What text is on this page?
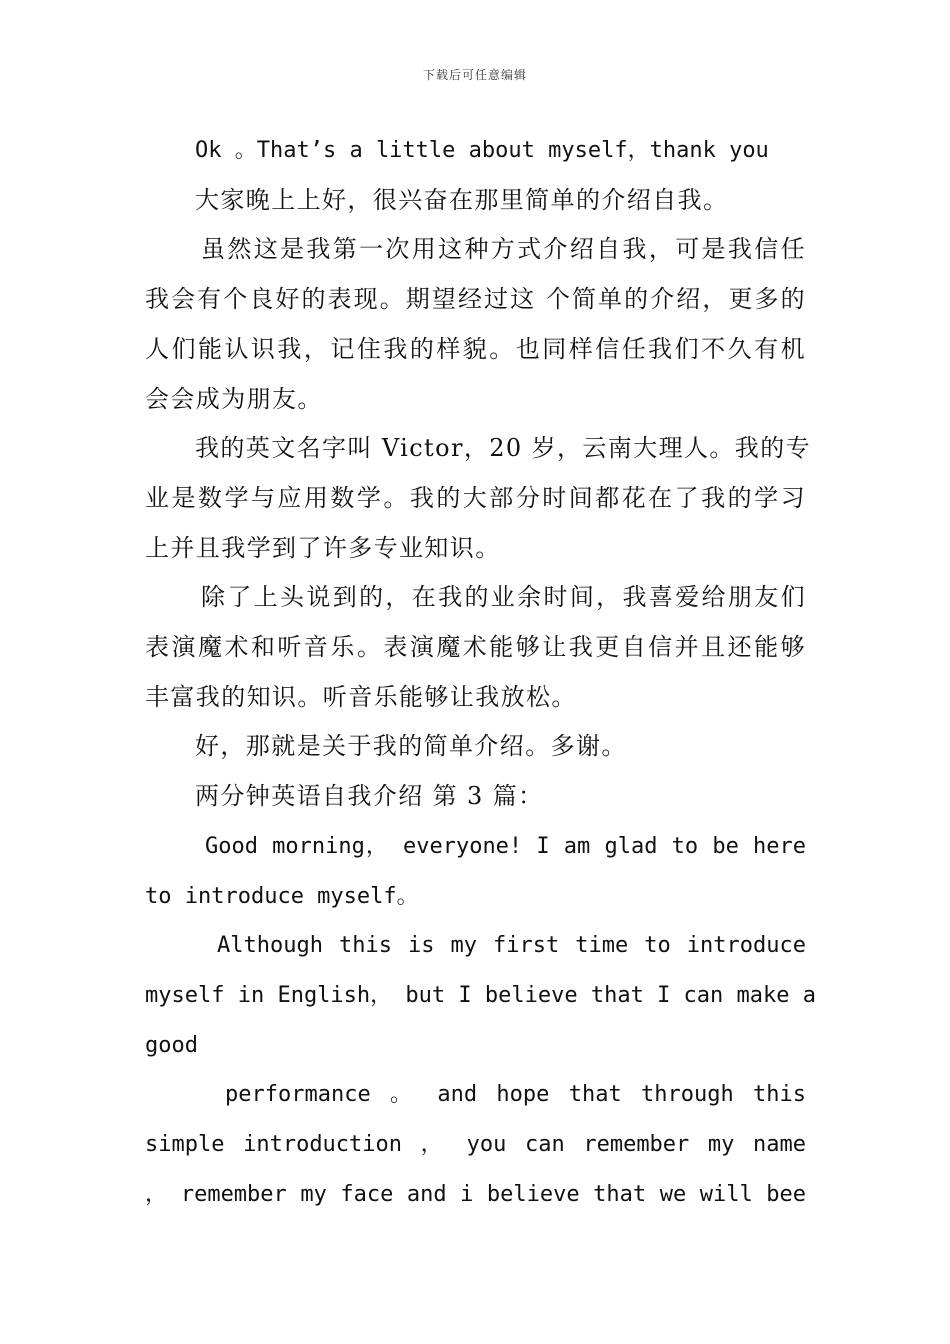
下载后可任意编辑

Ok 。That’s a little about myself，thank you

大家晚上上好，很兴奋在那里简单的介绍自我。

虽然这是我第一次用这种方式介绍自我，可是我信任

我会有个良好的表现。期望经过这 个简单的介绍，更多的

人们能认识我，记住我的样貌。也同样信任我们不久有机

会会成为朋友。

我的英文名字叫 Victor，20 岁，云南大理人。我的专

业是数学与应用数学。我的大部分时间都花在了我的学习

上并且我学到了许多专业知识。

除了上头说到的，在我的业余时间，我喜爱给朋友们

表演魔术和听音乐。表演魔术能够让我更自信并且还能够

丰富我的知识。听音乐能够让我放松。

好，那就是关于我的简单介绍。多谢。

两分钟英语自我介绍 第 3 篇：

Good morning， everyone! I am glad to be here

to introduce myself。

Although this is my first time to introduce

myself in English， but I believe that I can make a

good

performance 。 and hope that through this

simple introduction ， you can remember my name

， remember my face and i believe that we will bee
